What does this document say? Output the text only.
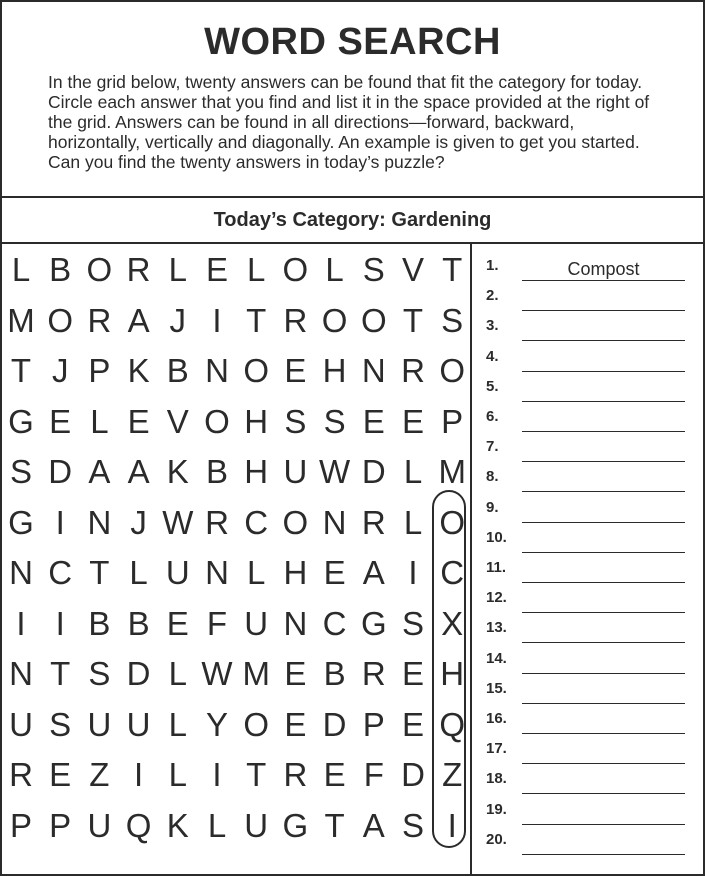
WORD SEARCH
In the grid below, twenty answers can be found that fit the category for today. Circle each answer that you find and list it in the space provided at the right of the grid. Answers can be found in all directions—forward, backward, horizontally, vertically and diagonally. An example is given to get you started. Can you find the twenty answers in today’s puzzle?
Today’s Category: Gardening
L B O R L E L O L S V T
M O R A J I T R O O T S
T J P K B N O E H N R O
G E L E V O H S S E E P
S D A A K B H U W D L M
G I N J W R C O N R L O
N C T L U N L H E A I C
I I B B E F U N C G S X
N T S D L W M E B R E H
U S U U L Y O E D P E Q
R E Z I L I T R E F D Z
P P U Q K L U G T A S I
1.	Compost
2.
3.
4.
5.
6.
7.
8.
9.
10.
11.
12.
13.
14.
15.
16.
17.
18.
19.
20.
